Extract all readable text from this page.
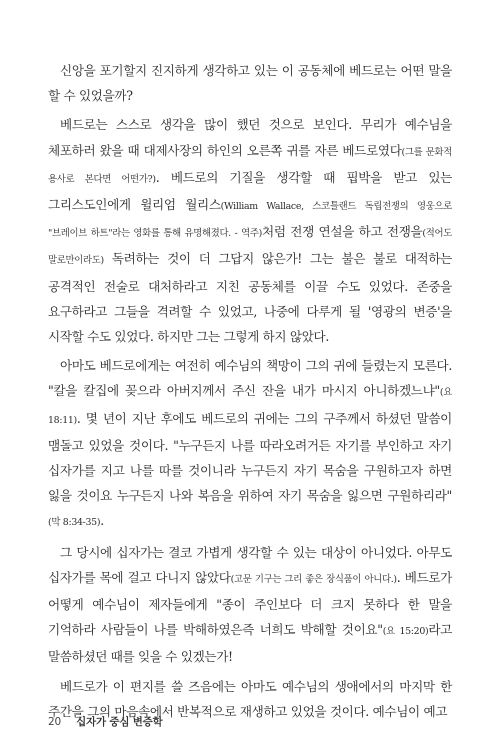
신앙을 포기할지 진지하게 생각하고 있는 이 공동체에 베드로는 어떤 말을 할 수 있었을까?

베드로는 스스로 생각을 많이 했던 것으로 보인다. 무리가 예수님을 체포하러 왔을 때 대제사장의 하인의 오른쪽 귀를 자른 베드로였다(그를 문화적 용사로 본다면 어떤가?). 베드로의 기질을 생각할 때 핍박을 받고 있는 그리스도인에게 윌리엄 월리스(William Wallace, 스코틀랜드 독립전쟁의 영웅으로 "브레이브 하트"라는 영화를 통해 유명해졌다. - 역주)처럼 전쟁 연설을 하고 전쟁을(적어도 말로만이라도) 독려하는 것이 더 그답지 않은가! 그는 불은 불로 대적하는 공격적인 전술로 대처하라고 지친 공동체를 이끌 수도 있었다. 존중을 요구하라고 그들을 격려할 수 있었고, 나중에 다루게 될 '영광의 변증'을 시작할 수도 있었다. 하지만 그는 그렇게 하지 않았다.

아마도 베드로에게는 여전히 예수님의 책망이 그의 귀에 들렸는지 모른다. "칼을 칼집에 꽂으라 아버지께서 주신 잔을 내가 마시지 아니하겠느냐"(요 18:11). 몇 년이 지난 후에도 베드로의 귀에는 그의 구주께서 하셨던 말씀이 맴돌고 있었을 것이다. "누구든지 나를 따라오려거든 자기를 부인하고 자기 십자가를 지고 나를 따를 것이니라 누구든지 자기 목숨을 구원하고자 하면 잃을 것이요 누구든지 나와 복음을 위하여 자기 목숨을 잃으면 구원하리라"(막 8:34-35).

그 당시에 십자가는 결코 가볍게 생각할 수 있는 대상이 아니었다. 아무도 십자가를 목에 걸고 다니지 않았다(고문 기구는 그리 좋은 장식품이 아니다.). 베드로가 어떻게 예수님이 제자들에게 "종이 주인보다 더 크지 못하다 한 말을 기억하라 사람들이 나를 박해하였은즉 너희도 박해할 것이요"(요 15:20)라고 말씀하셨던 때를 잊을 수 있겠는가!

베드로가 이 편지를 쓸 즈음에는 아마도 예수님의 생애에서의 마지막 한 주간을 그의 마음속에서 반복적으로 재생하고 있었을 것이다. 예수님이 예고

20 십자가 중심 변증학
